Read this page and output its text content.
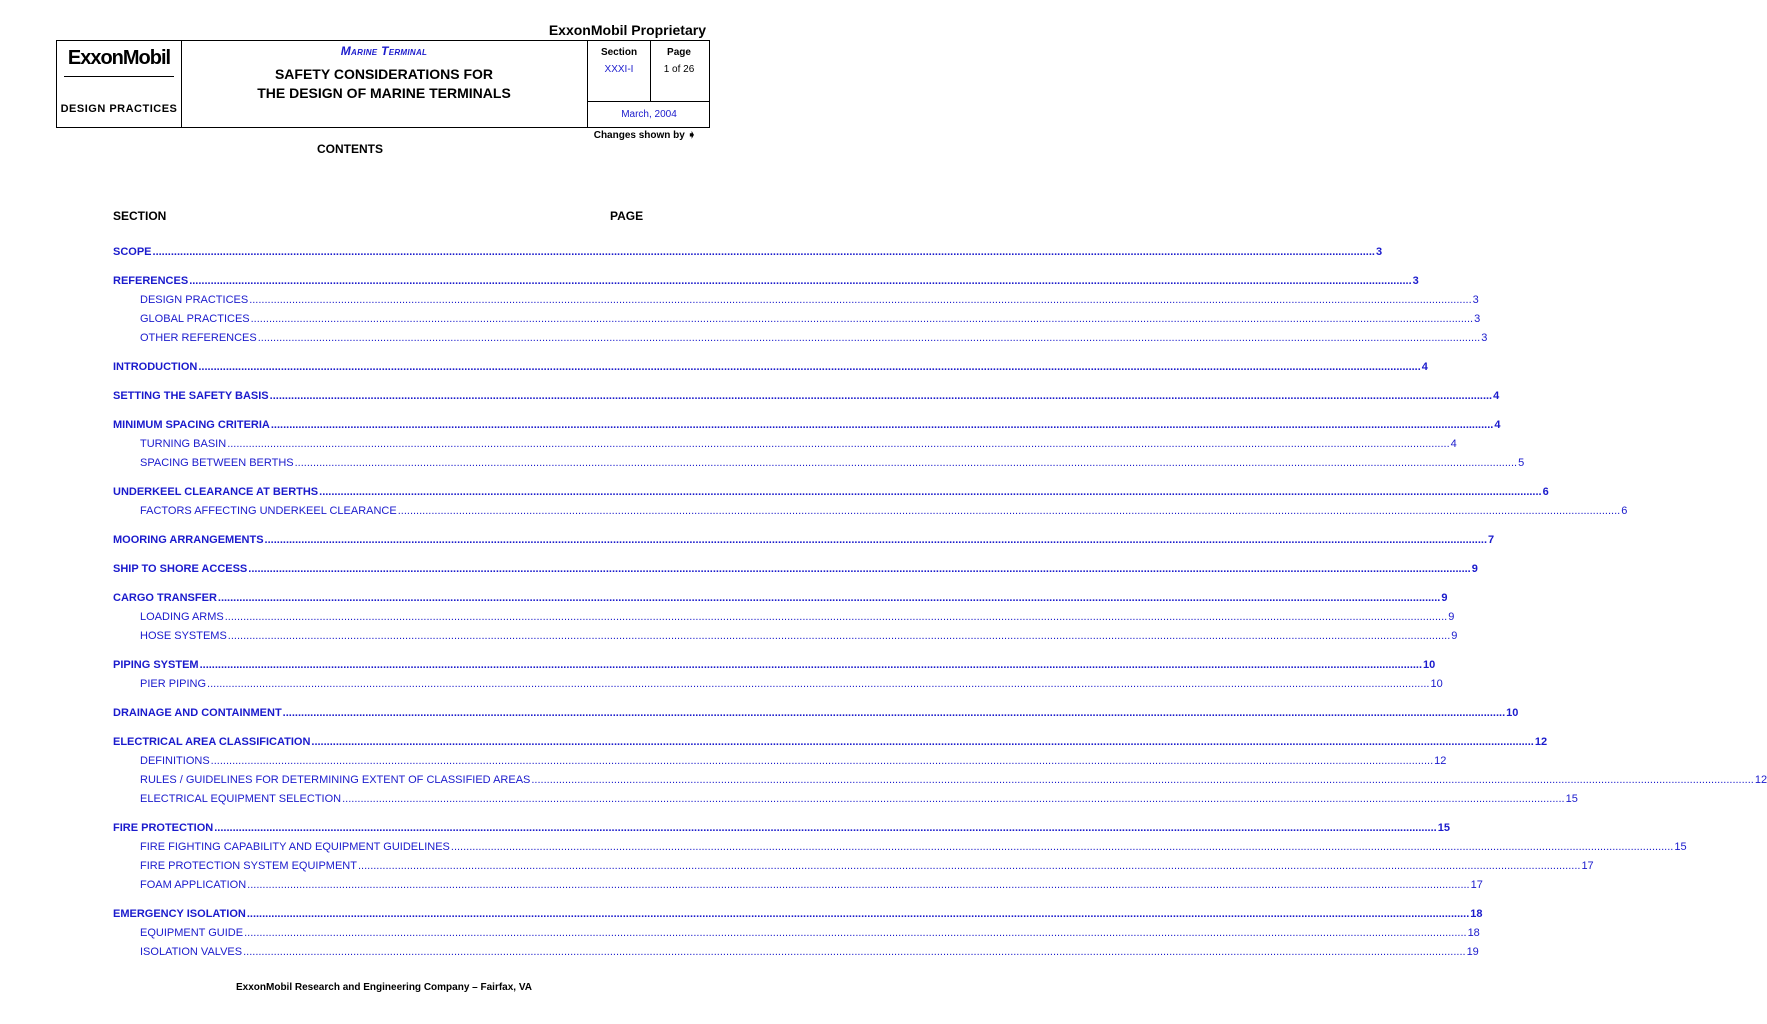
ExxonMobil Proprietary
ExxonMobil
DESIGN PRACTICES
Marine Terminal
SAFETY CONSIDERATIONS FOR
THE DESIGN OF MARINE TERMINALS
Section
XXXI-I
Page
1 of 26
March, 2004
Changes shown by ➧
CONTENTS
SECTION	PAGE
SCOPE ................................................................................................................................................................................................................................................................................................................................................................................................................ 3
REFERENCES ................................................................................................................................................................................................................................................................................................................................................................................................................ 3
DESIGN PRACTICES ................................................................................................................................................................................................................................................................................................................................................................................................................ 3
GLOBAL PRACTICES ................................................................................................................................................................................................................................................................................................................................................................................................................ 3
OTHER REFERENCES ................................................................................................................................................................................................................................................................................................................................................................................................................ 3
INTRODUCTION ................................................................................................................................................................................................................................................................................................................................................................................................................ 4
SETTING THE SAFETY BASIS ................................................................................................................................................................................................................................................................................................................................................................................................................ 4
MINIMUM SPACING CRITERIA ................................................................................................................................................................................................................................................................................................................................................................................................................ 4
TURNING BASIN ................................................................................................................................................................................................................................................................................................................................................................................................................ 4
SPACING BETWEEN BERTHS ................................................................................................................................................................................................................................................................................................................................................................................................................ 5
UNDERKEEL CLEARANCE AT BERTHS ................................................................................................................................................................................................................................................................................................................................................................................................................ 6
FACTORS AFFECTING UNDERKEEL CLEARANCE ................................................................................................................................................................................................................................................................................................................................................................................................................ 6
MOORING ARRANGEMENTS ................................................................................................................................................................................................................................................................................................................................................................................................................ 7
SHIP TO SHORE ACCESS ................................................................................................................................................................................................................................................................................................................................................................................................................ 9
CARGO TRANSFER ................................................................................................................................................................................................................................................................................................................................................................................................................ 9
LOADING ARMS ................................................................................................................................................................................................................................................................................................................................................................................................................ 9
HOSE SYSTEMS ................................................................................................................................................................................................................................................................................................................................................................................................................ 9
PIPING SYSTEM ................................................................................................................................................................................................................................................................................................................................................................................................................ 10
PIER PIPING ................................................................................................................................................................................................................................................................................................................................................................................................................ 10
DRAINAGE AND CONTAINMENT ................................................................................................................................................................................................................................................................................................................................................................................................................ 10
ELECTRICAL AREA CLASSIFICATION ................................................................................................................................................................................................................................................................................................................................................................................................................ 12
DEFINITIONS ................................................................................................................................................................................................................................................................................................................................................................................................................ 12
RULES / GUIDELINES FOR DETERMINING EXTENT OF CLASSIFIED AREAS ................................................................................................................................................................................................................................................................................................................................................................................................................ 12
ELECTRICAL EQUIPMENT SELECTION ................................................................................................................................................................................................................................................................................................................................................................................................................ 15
FIRE PROTECTION ................................................................................................................................................................................................................................................................................................................................................................................................................ 15
FIRE FIGHTING CAPABILITY AND EQUIPMENT GUIDELINES ................................................................................................................................................................................................................................................................................................................................................................................................................ 15
FIRE PROTECTION SYSTEM EQUIPMENT ................................................................................................................................................................................................................................................................................................................................................................................................................ 17
FOAM APPLICATION ................................................................................................................................................................................................................................................................................................................................................................................................................ 17
EMERGENCY ISOLATION ................................................................................................................................................................................................................................................................................................................................................................................................................ 18
EQUIPMENT GUIDE ................................................................................................................................................................................................................................................................................................................................................................................................................ 18
ISOLATION VALVES ................................................................................................................................................................................................................................................................................................................................................................................................................ 19
ExxonMobil Research and Engineering Company – Fairfax, VA
